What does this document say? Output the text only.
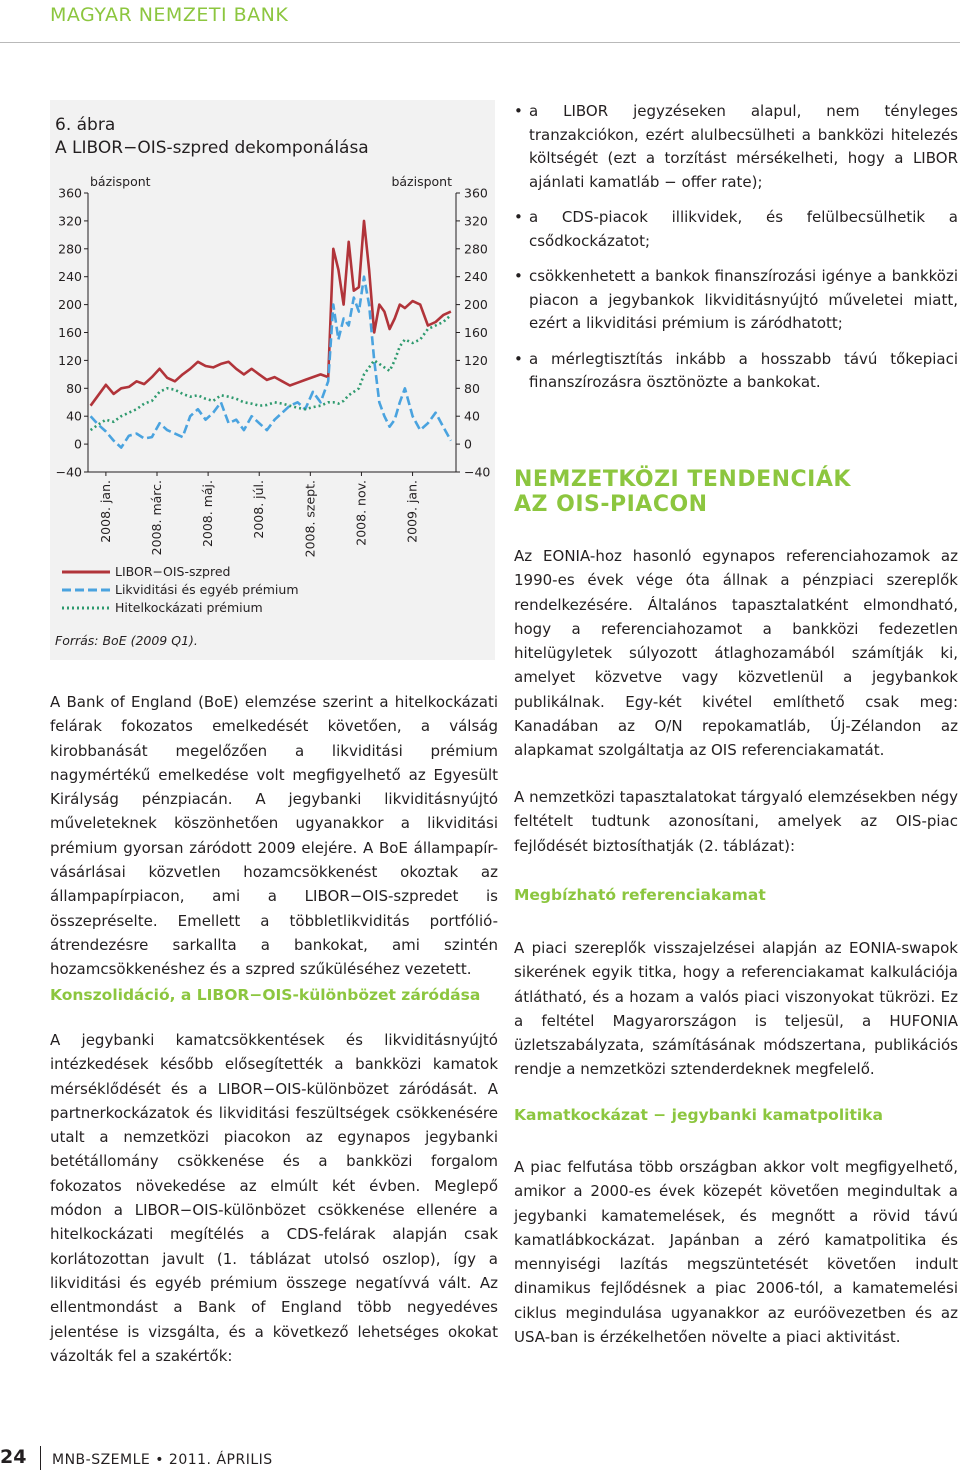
MAGYAR NEMZETI BANK
6. ábra
A LIBOR−OIS-szpred dekomponálása
bázispont	bázispont
360	360
320	320
280	280
240	240
200	200
160	160
120	120
80	80
40	40
0	0
−40	−40
2008. jan.	2008. márc.	2008. máj.	2008. júl.	2008. szept.	2008. nov.	2009. jan.
LIBOR−OIS-szpred
Likviditási és egyéb prémium
Hitelkockázati prémium
Forrás: BoE (2009 Q1).

A Bank of England (BoE) elemzése szerint a hitelkockázati felárak fokozatos emelkedését követően, a válság kirobbanását megelőzően a likviditási prémium nagymértékű emelkedése volt megfigyelhető az Egyesült Királyság pénzpiacán. A jegybanki likviditásnyújtó műveleteknek köszönhetően ugyanakkor a likviditási prémium gyorsan záródott 2009 elejére. A BoE állampapír-vásárlásai közvetlen hozamcsökkenést okoztak az állampapírpiacon, ami a LIBOR−OIS-szpredet is összepréselte. Emellett a többletlikviditás portfólió-átrendezésre sarkallta a bankokat, ami szintén hozamcsökkenéshez és a szpred szűküléséhez vezetett.

Konszolidáció, a LIBOR−OIS-különbözet záródása

A jegybanki kamatcsökkentések és likviditásnyújtó intézkedések később elősegítették a bankközi kamatok mérséklődését és a LIBOR−OIS-különbözet záródását. A partnerkockázatok és likviditási feszültségek csökkenésére utalt a nemzetközi piacokon az egynapos jegybanki betétállomány csökkenése és a bankközi forgalom fokozatos növekedése az elmúlt két évben. Meglepő módon a LIBOR−OIS-különbözet csökkenése ellenére a hitelkockázati megítélés a CDS-felárak alapján csak korlátozottan javult (1. táblázat utolsó oszlop), így a likviditási és egyéb prémium összege negatívvá vált. Az ellentmondást a Bank of England több negyedéves jelentése is vizsgálta, és a következő lehetséges okokat vázolták fel a szakértők:

• a LIBOR jegyzéseken alapul, nem tényleges tranzakciókon, ezért alulbecsülheti a bankközi hitelezés költségét (ezt a torzítást mérsékelheti, hogy a LIBOR ajánlati kamatláb − offer rate);
• a CDS-piacok illikvidek, és felülbecsülhetik a csődkockázatot;
• csökkenhetett a bankok finanszírozási igénye a bankközi piacon a jegybankok likviditásnyújtó műveletei miatt, ezért a likviditási prémium is záródhatott;
• a mérlegtisztítás inkább a hosszabb távú tőkepiaci finanszírozásra ösztönözte a bankokat.
NEMZETKÖZI TENDENCIÁK
AZ OIS-PIACON

Az EONIA-hoz hasonló egynapos referenciahozamok az 1990-es évek vége óta állnak a pénzpiaci szereplők rendelkezésére. Általános tapasztalatként elmondható, hogy a referenciahozamot a bankközi fedezetlen hitelügyletek súlyozott átlaghozamából számítják ki, amelyet közvetve vagy közvetlenül a jegybankok publikálnak. Egy-két kivétel említhető csak meg: Kanadában az O/N repokamatláb, Új-Zélandon az alapkamat szolgáltatja az OIS referenciakamatát.

A nemzetközi tapasztalatokat tárgyaló elemzésekben négy feltételt tudtunk azonosítani, amelyek az OIS-piac fejlődését biztosíthatják (2. táblázat):

Megbízható referenciakamat

A piaci szereplők visszajelzései alapján az EONIA-swapok sikerének egyik titka, hogy a referenciakamat kalkulációja átlátható, és a hozam a valós piaci viszonyokat tükrözi. Ez a feltétel Magyarországon is teljesül, a HUFONIA üzletszabályzata, számításának módszertana, publikációs rendje a nemzetközi sztenderdeknek megfelelő.

Kamatkockázat − jegybanki kamatpolitika

A piac felfutása több országban akkor volt megfigyelhető, amikor a 2000-es évek közepét követően megindultak a jegybanki kamatemelések, és megnőtt a rövid távú kamatlábkockázat. Japánban a zéró kamatpolitika és mennyiségi lazítás megszüntetését követően indult dinamikus fejlődésnek a piac 2006-tól, a kamatemelési ciklus megindulása ugyanakkor az euróövezetben és az USA-ban is érzékelhetően növelte a piaci aktivitást.

24 MNB-SZEMLE • 2011. ÁPRILIS
